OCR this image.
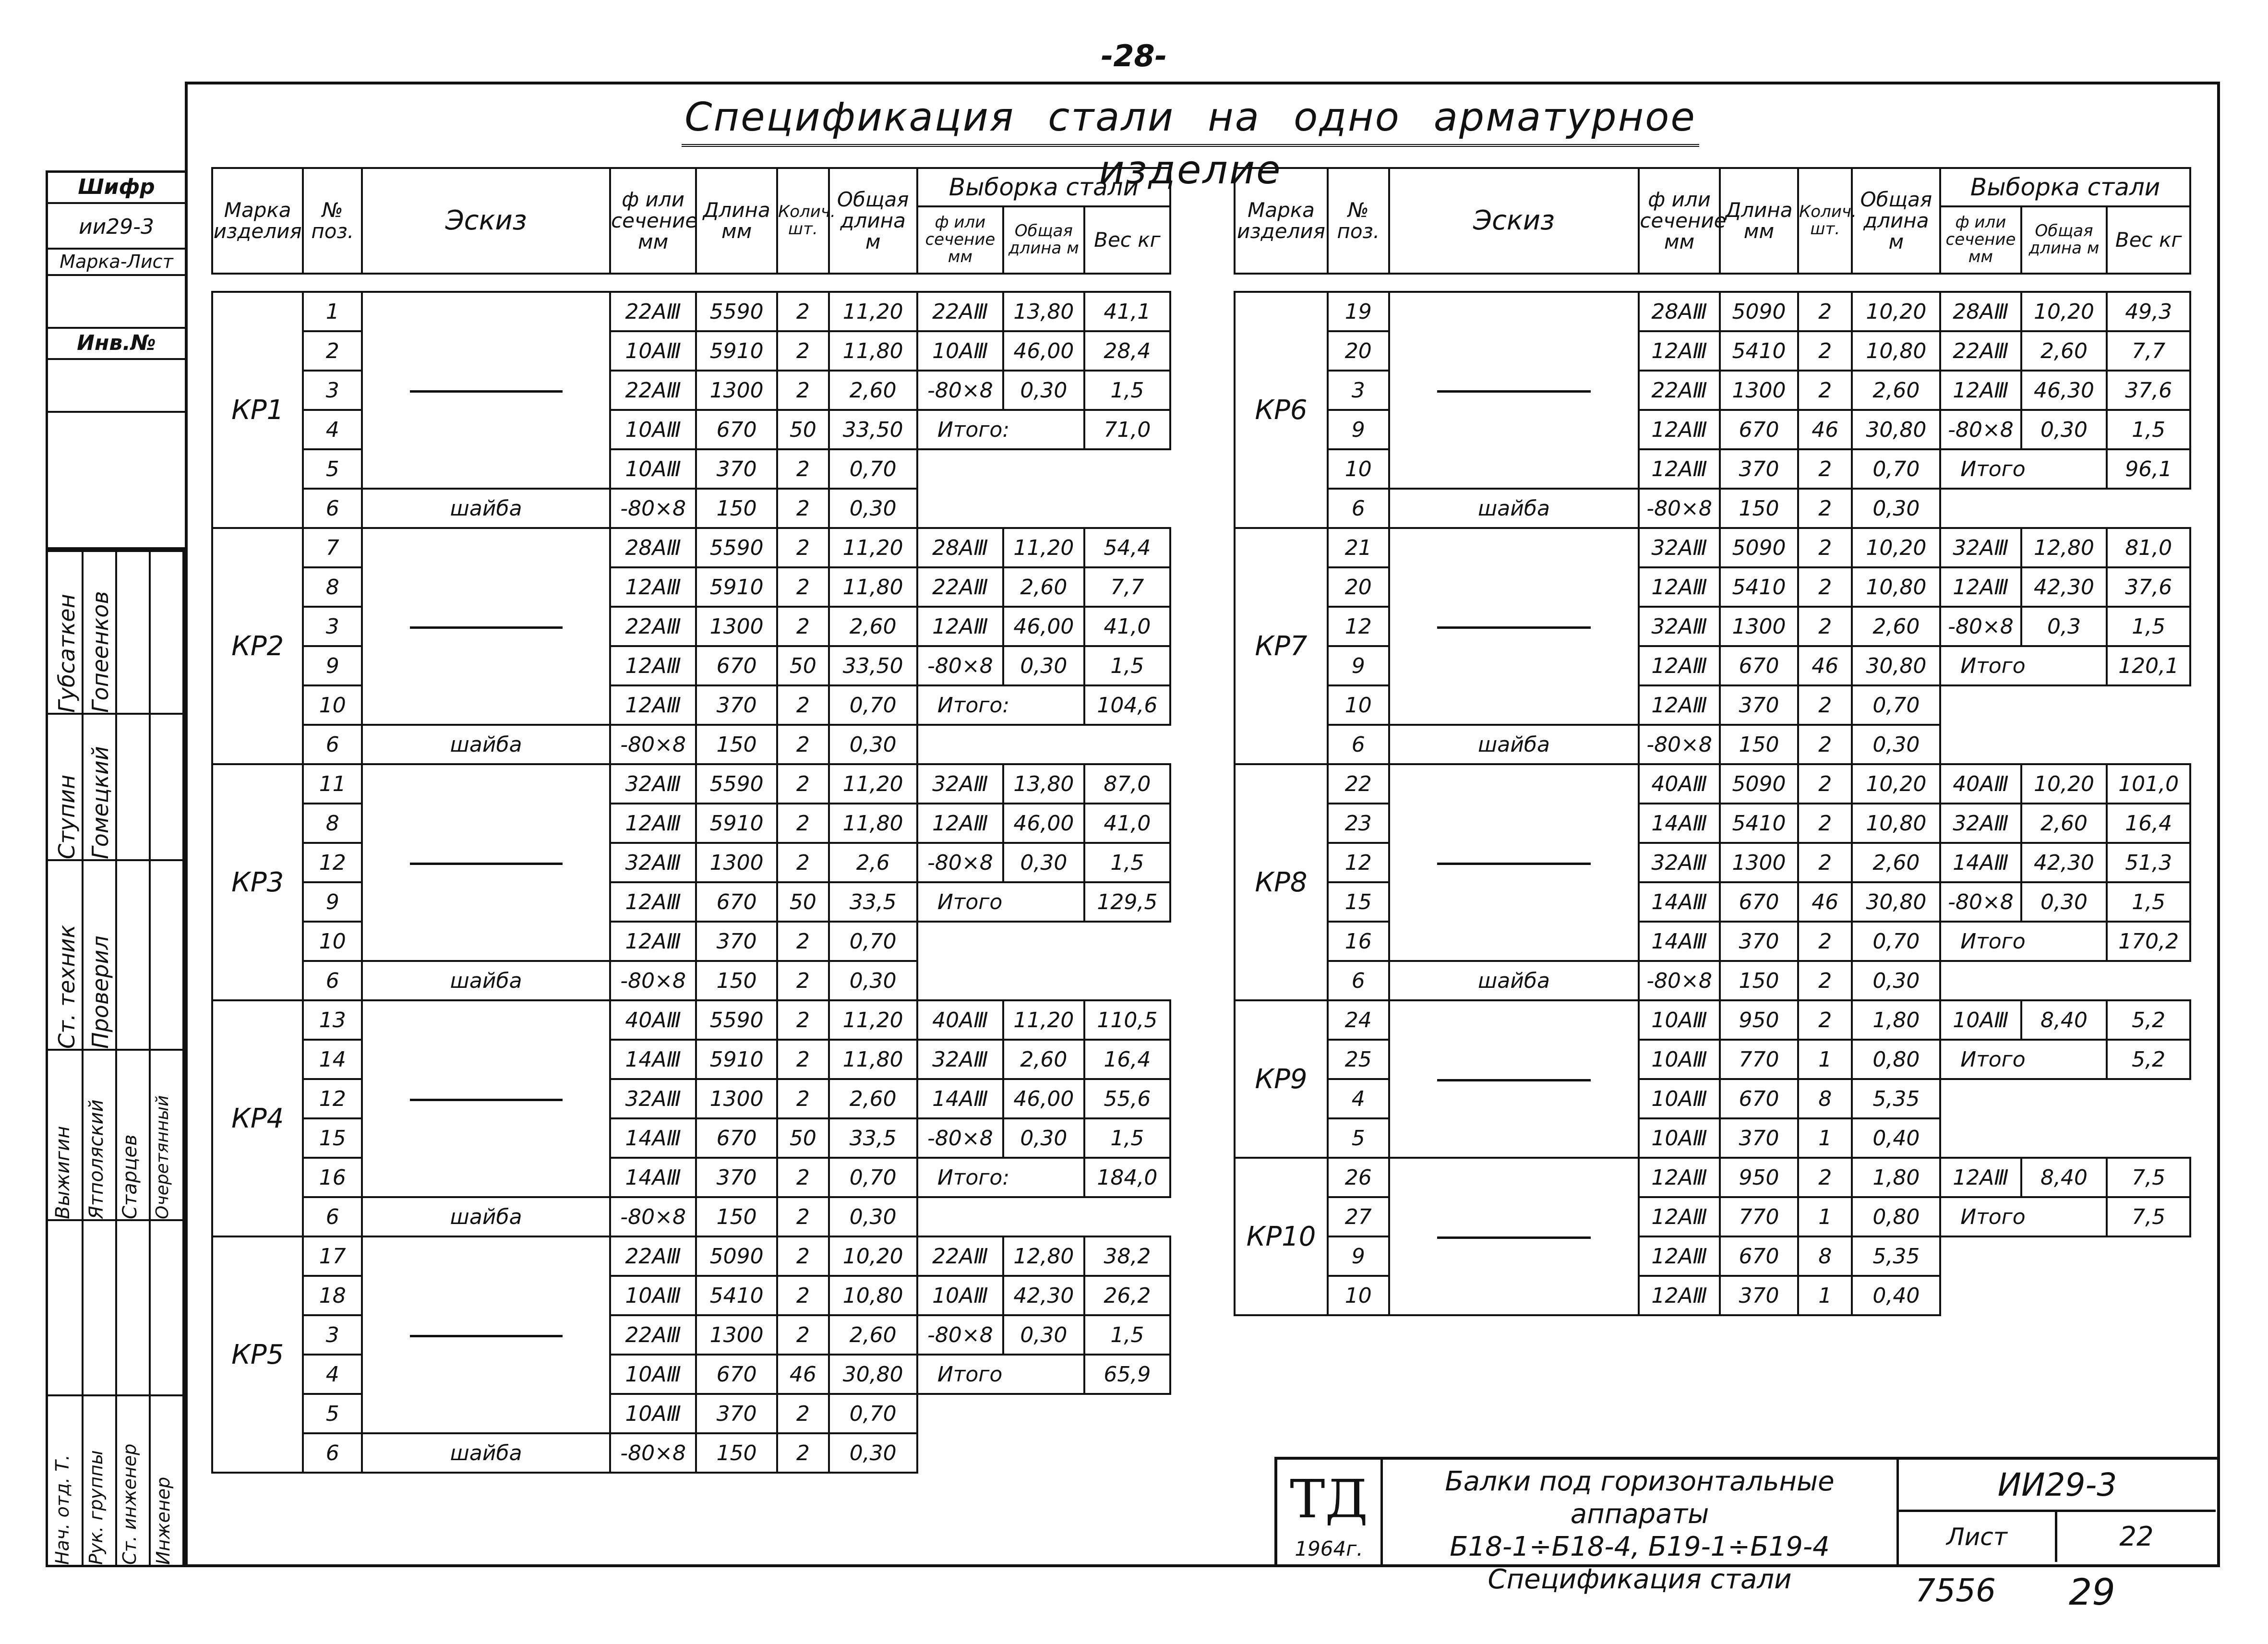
-28-
Спецификация стали на одно арматурное изделие
Шифр
ии29-3
Марка-Лист
Инв.№
Губсаткен Гопеенков
Ступин Гомецкий
Ст. техник Проверил
Выжигин Ятполяский Старцев Очеретянный
Нач. отд. Т. Рук. группы Ст. инженер Инженер
Марка изделия	№ поз.	Эскиз	ф или сечение мм	Длина мм	Колич. шт.	Общая длина м	Выборка стали		
							ф или сечение мм	Общая длина м	Вес кг

КР1	1		22АⅢ	5590	2	11,20	22АⅢ	13,80	41,1
	2		10АⅢ	5910	2	11,80	10АⅢ	46,00	28,4
	3		22АⅢ	1300	2	2,60	-80×8	0,30	1,5
	4		10АⅢ	670	50	33,50	Итого:		71,0
	5		10АⅢ	370	2	0,70			
	6	шайба	-80×8	150	2	0,30			
КР2	7		28АⅢ	5590	2	11,20	28АⅢ	11,20	54,4
	8		12АⅢ	5910	2	11,80	22АⅢ	2,60	7,7
	3		22АⅢ	1300	2	2,60	12АⅢ	46,00	41,0
	9		12АⅢ	670	50	33,50	-80×8	0,30	1,5
	10		12АⅢ	370	2	0,70	Итого:		104,6
	6	шайба	-80×8	150	2	0,30			
КР3	11		32АⅢ	5590	2	11,20	32АⅢ	13,80	87,0
	8		12АⅢ	5910	2	11,80	12АⅢ	46,00	41,0
	12		32АⅢ	1300	2	2,6	-80×8	0,30	1,5
	9		12АⅢ	670	50	33,5	Итого		129,5
	10		12АⅢ	370	2	0,70			
	6	шайба	-80×8	150	2	0,30			
КР4	13		40АⅢ	5590	2	11,20	40АⅢ	11,20	110,5
	14		14АⅢ	5910	2	11,80	32АⅢ	2,60	16,4
	12		32АⅢ	1300	2	2,60	14АⅢ	46,00	55,6
	15		14АⅢ	670	50	33,5	-80×8	0,30	1,5
	16		14АⅢ	370	2	0,70	Итого:		184,0
	6	шайба	-80×8	150	2	0,30			
КР5	17		22АⅢ	5090	2	10,20	22АⅢ	12,80	38,2
	18		10АⅢ	5410	2	10,80	10АⅢ	42,30	26,2
	3		22АⅢ	1300	2	2,60	-80×8	0,30	1,5
	4		10АⅢ	670	46	30,80	Итого		65,9
	5		10АⅢ	370	2	0,70			
	6	шайба	-80×8	150	2	0,30			
Марка изделия	№ поз.	Эскиз	ф или сечение мм	Длина мм	Колич. шт.	Общая длина м	Выборка стали		
							ф или сечение мм	Общая длина м	Вес кг

КР6	19		28АⅢ	5090	2	10,20	28АⅢ	10,20	49,3
	20		12АⅢ	5410	2	10,80	22АⅢ	2,60	7,7
	3		22АⅢ	1300	2	2,60	12АⅢ	46,30	37,6
	9		12АⅢ	670	46	30,80	-80×8	0,30	1,5
	10		12АⅢ	370	2	0,70	Итого		96,1
	6	шайба	-80×8	150	2	0,30			
КР7	21		32АⅢ	5090	2	10,20	32АⅢ	12,80	81,0
	20		12АⅢ	5410	2	10,80	12АⅢ	42,30	37,6
	12		32АⅢ	1300	2	2,60	-80×8	0,3	1,5
	9		12АⅢ	670	46	30,80	Итого		120,1
	10		12АⅢ	370	2	0,70			
	6	шайба	-80×8	150	2	0,30			
КР8	22		40АⅢ	5090	2	10,20	40АⅢ	10,20	101,0
	23		14АⅢ	5410	2	10,80	32АⅢ	2,60	16,4
	12		32АⅢ	1300	2	2,60	14АⅢ	42,30	51,3
	15		14АⅢ	670	46	30,80	-80×8	0,30	1,5
	16		14АⅢ	370	2	0,70	Итого		170,2
	6	шайба	-80×8	150	2	0,30			
КР9	24		10АⅢ	950	2	1,80	10АⅢ	8,40	5,2
	25		10АⅢ	770	1	0,80	Итого		5,2
	4		10АⅢ	670	8	5,35			
	5		10АⅢ	370	1	0,40			
КР10	26		12АⅢ	950	2	1,80	12АⅢ	8,40	7,5
	27		12АⅢ	770	1	0,80	Итого		7,5
	9		12АⅢ	670	8	5,35			
	10		12АⅢ	370	1	0,40			
ТД
1964г.
Балки под горизонтальные аппараты
Б18-1÷Б18-4, Б19-1÷Б19-4
Спецификация стали
ИИ29-3
Лист	22
7556 29
